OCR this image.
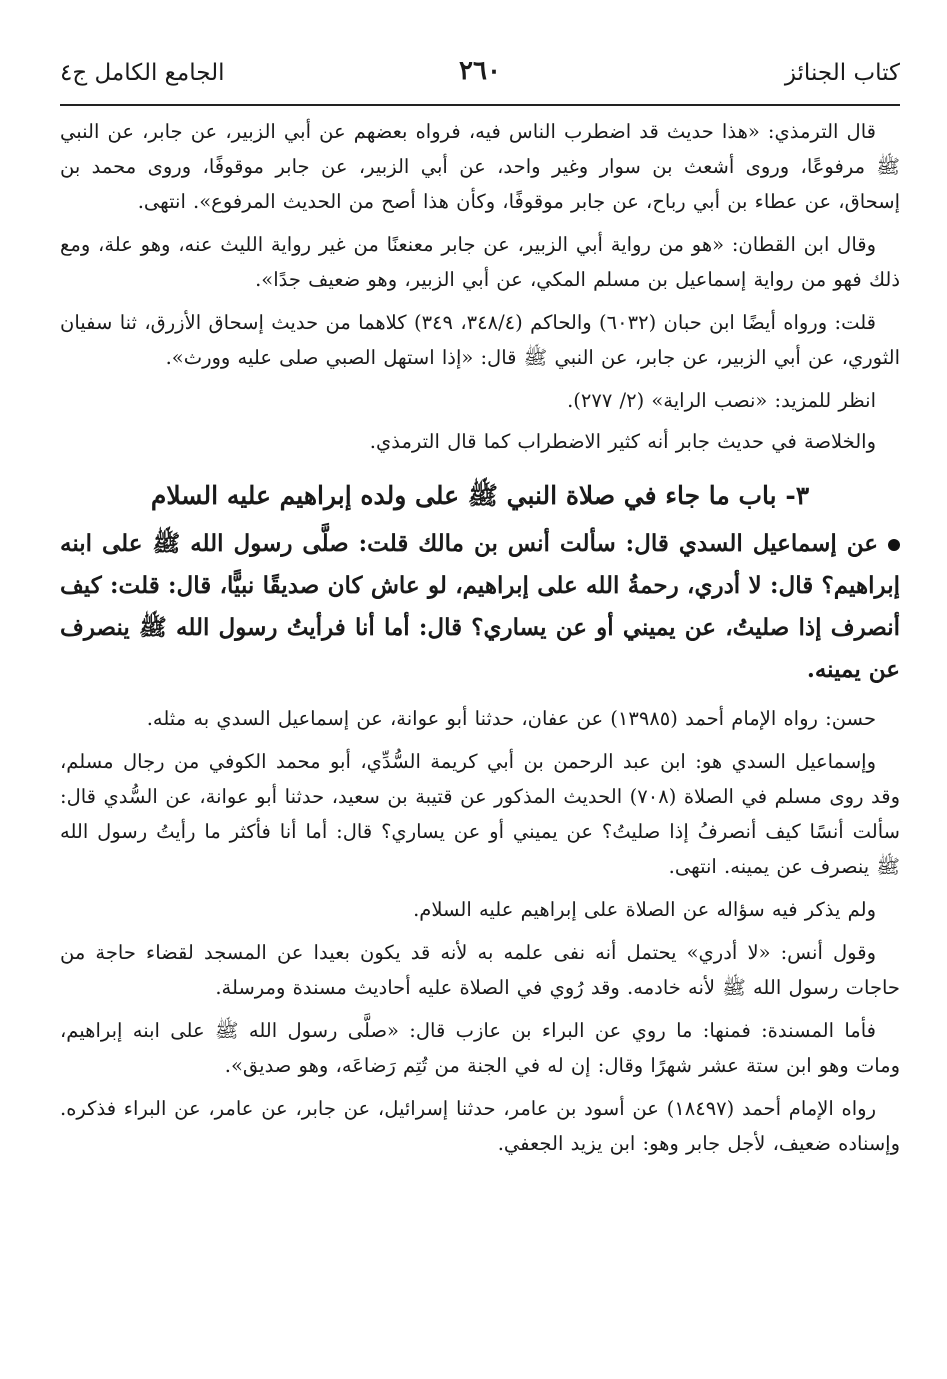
كتاب الجنائز
٢٦٠
الجامع الكامل ج٤

قال الترمذي: «هذا حديث قد اضطرب الناس فيه، فرواه بعضهم عن أبي الزبير، عن جابر، عن النبي ﷺ مرفوعًا، وروى أشعث بن سوار وغير واحد، عن أبي الزبير، عن جابر موقوفًا، وروى محمد بن إسحاق، عن عطاء بن أبي رباح، عن جابر موقوفًا، وكأن هذا أصح من الحديث المرفوع». انتهى.

وقال ابن القطان: «هو من رواية أبي الزبير، عن جابر معنعنًا من غير رواية الليث عنه، وهو علة، ومع ذلك فهو من رواية إسماعيل بن مسلم المكي، عن أبي الزبير، وهو ضعيف جدًا».

قلت: ورواه أيضًا ابن حبان (٦٠٣٢) والحاكم (٣٤٨/٤، ٣٤٩) كلاهما من حديث إسحاق الأزرق، ثنا سفيان الثوري، عن أبي الزبير، عن جابر، عن النبي ﷺ قال: «إذا استهل الصبي صلى عليه وورث».

انظر للمزيد: «نصب الراية» (٢/ ٢٧٧).

والخلاصة في حديث جابر أنه كثير الاضطراب كما قال الترمذي.

٣- باب ما جاء في صلاة النبي ﷺ على ولده إبراهيم عليه السلام
عن إسماعيل السدي قال: سألت أنس بن مالك قلت: صلَّى رسول الله ﷺ على ابنه إبراهيم؟ قال: لا أدري، رحمةُ الله على إبراهيم، لو عاش كان صديقًا نبيًّا، قال: قلت: كيف أنصرف إذا صليتُ، عن يميني أو عن يساري؟ قال: أما أنا فرأيتُ رسول الله ﷺ ينصرف عن يمينه.

حسن: رواه الإمام أحمد (١٣٩٨٥) عن عفان، حدثنا أبو عوانة، عن إسماعيل السدي به مثله.

وإسماعيل السدي هو: ابن عبد الرحمن بن أبي كريمة السُّدِّي، أبو محمد الكوفي من رجال مسلم، وقد روى مسلم في الصلاة (٧٠٨) الحديث المذكور عن قتيبة بن سعيد، حدثنا أبو عوانة، عن السُّدي قال: سألت أنسًا كيف أنصرفُ إذا صليتُ؟ عن يميني أو عن يساري؟ قال: أما أنا فأكثر ما رأيتُ رسول الله ﷺ ينصرف عن يمينه. انتهى.

ولم يذكر فيه سؤاله عن الصلاة على إبراهيم عليه السلام.

وقول أنس: «لا أدري» يحتمل أنه نفى علمه به لأنه قد يكون بعيدا عن المسجد لقضاء حاجة من حاجات رسول الله ﷺ لأنه خادمه. وقد رُوي في الصلاة عليه أحاديث مسندة ومرسلة.

فأما المسندة: فمنها: ما روي عن البراء بن عازب قال: «صلَّى رسول الله ﷺ على ابنه إبراهيم، ومات وهو ابن ستة عشر شهرًا وقال: إن له في الجنة من تُتِم رَضاعَه، وهو صديق».

رواه الإمام أحمد (١٨٤٩٧) عن أسود بن عامر، حدثنا إسرائيل، عن جابر، عن عامر، عن البراء فذكره. وإسناده ضعيف، لأجل جابر وهو: ابن يزيد الجعفي.
